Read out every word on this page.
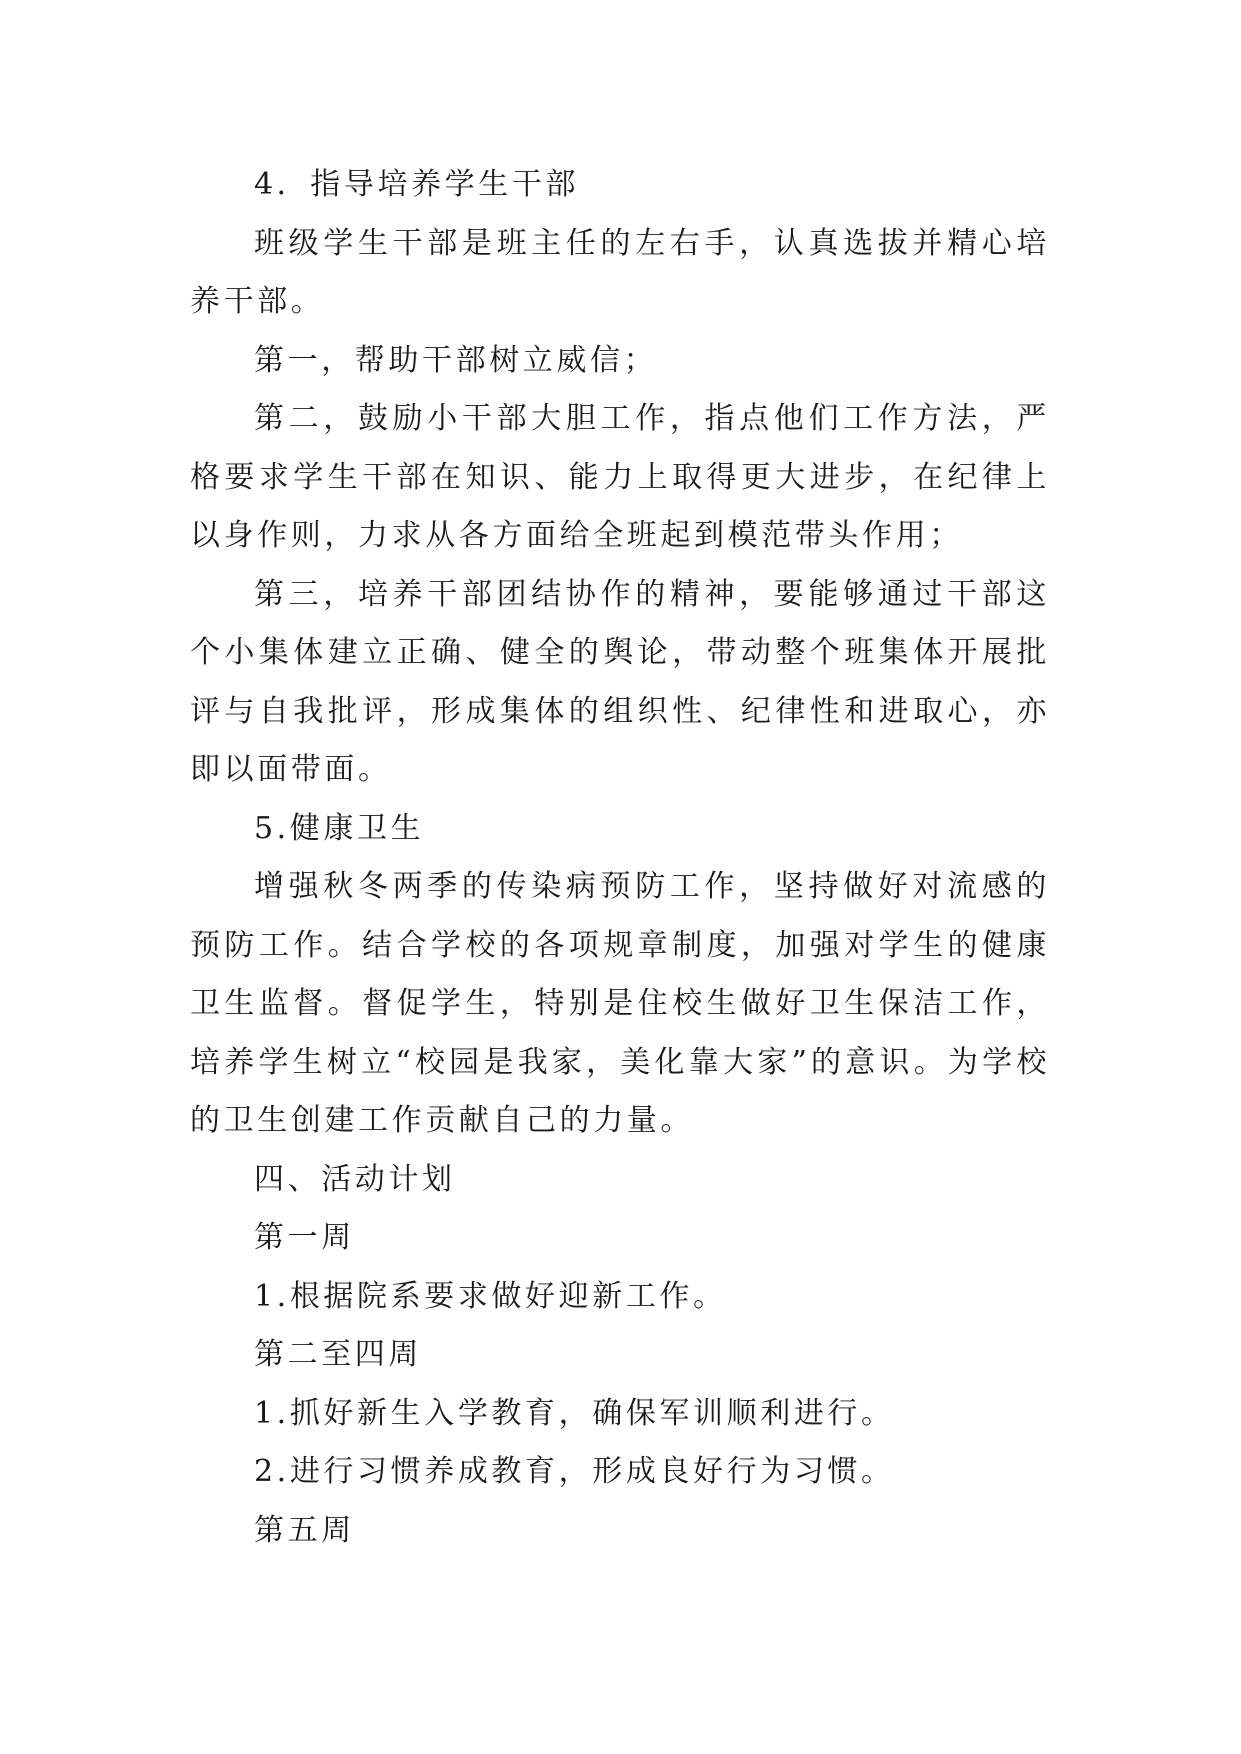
4．指导培养学生干部

班级学生干部是班主任的左右手，认真选拔并精心培养干部。

第一，帮助干部树立威信；

第二，鼓励小干部大胆工作，指点他们工作方法，严格要求学生干部在知识、能力上取得更大进步，在纪律上以身作则，力求从各方面给全班起到模范带头作用；

第三，培养干部团结协作的精神，要能够通过干部这个小集体建立正确、健全的舆论，带动整个班集体开展批评与自我批评，形成集体的组织性、纪律性和进取心，亦即以面带面。

5.健康卫生

增强秋冬两季的传染病预防工作，坚持做好对流感的预防工作。结合学校的各项规章制度，加强对学生的健康卫生监督。督促学生，特别是住校生做好卫生保洁工作，培养学生树立“校园是我家，美化靠大家”的意识。为学校的卫生创建工作贡献自己的力量。

四、活动计划

第一周

1.根据院系要求做好迎新工作。

第二至四周

1.抓好新生入学教育，确保军训顺利进行。

2.进行习惯养成教育，形成良好行为习惯。

第五周
